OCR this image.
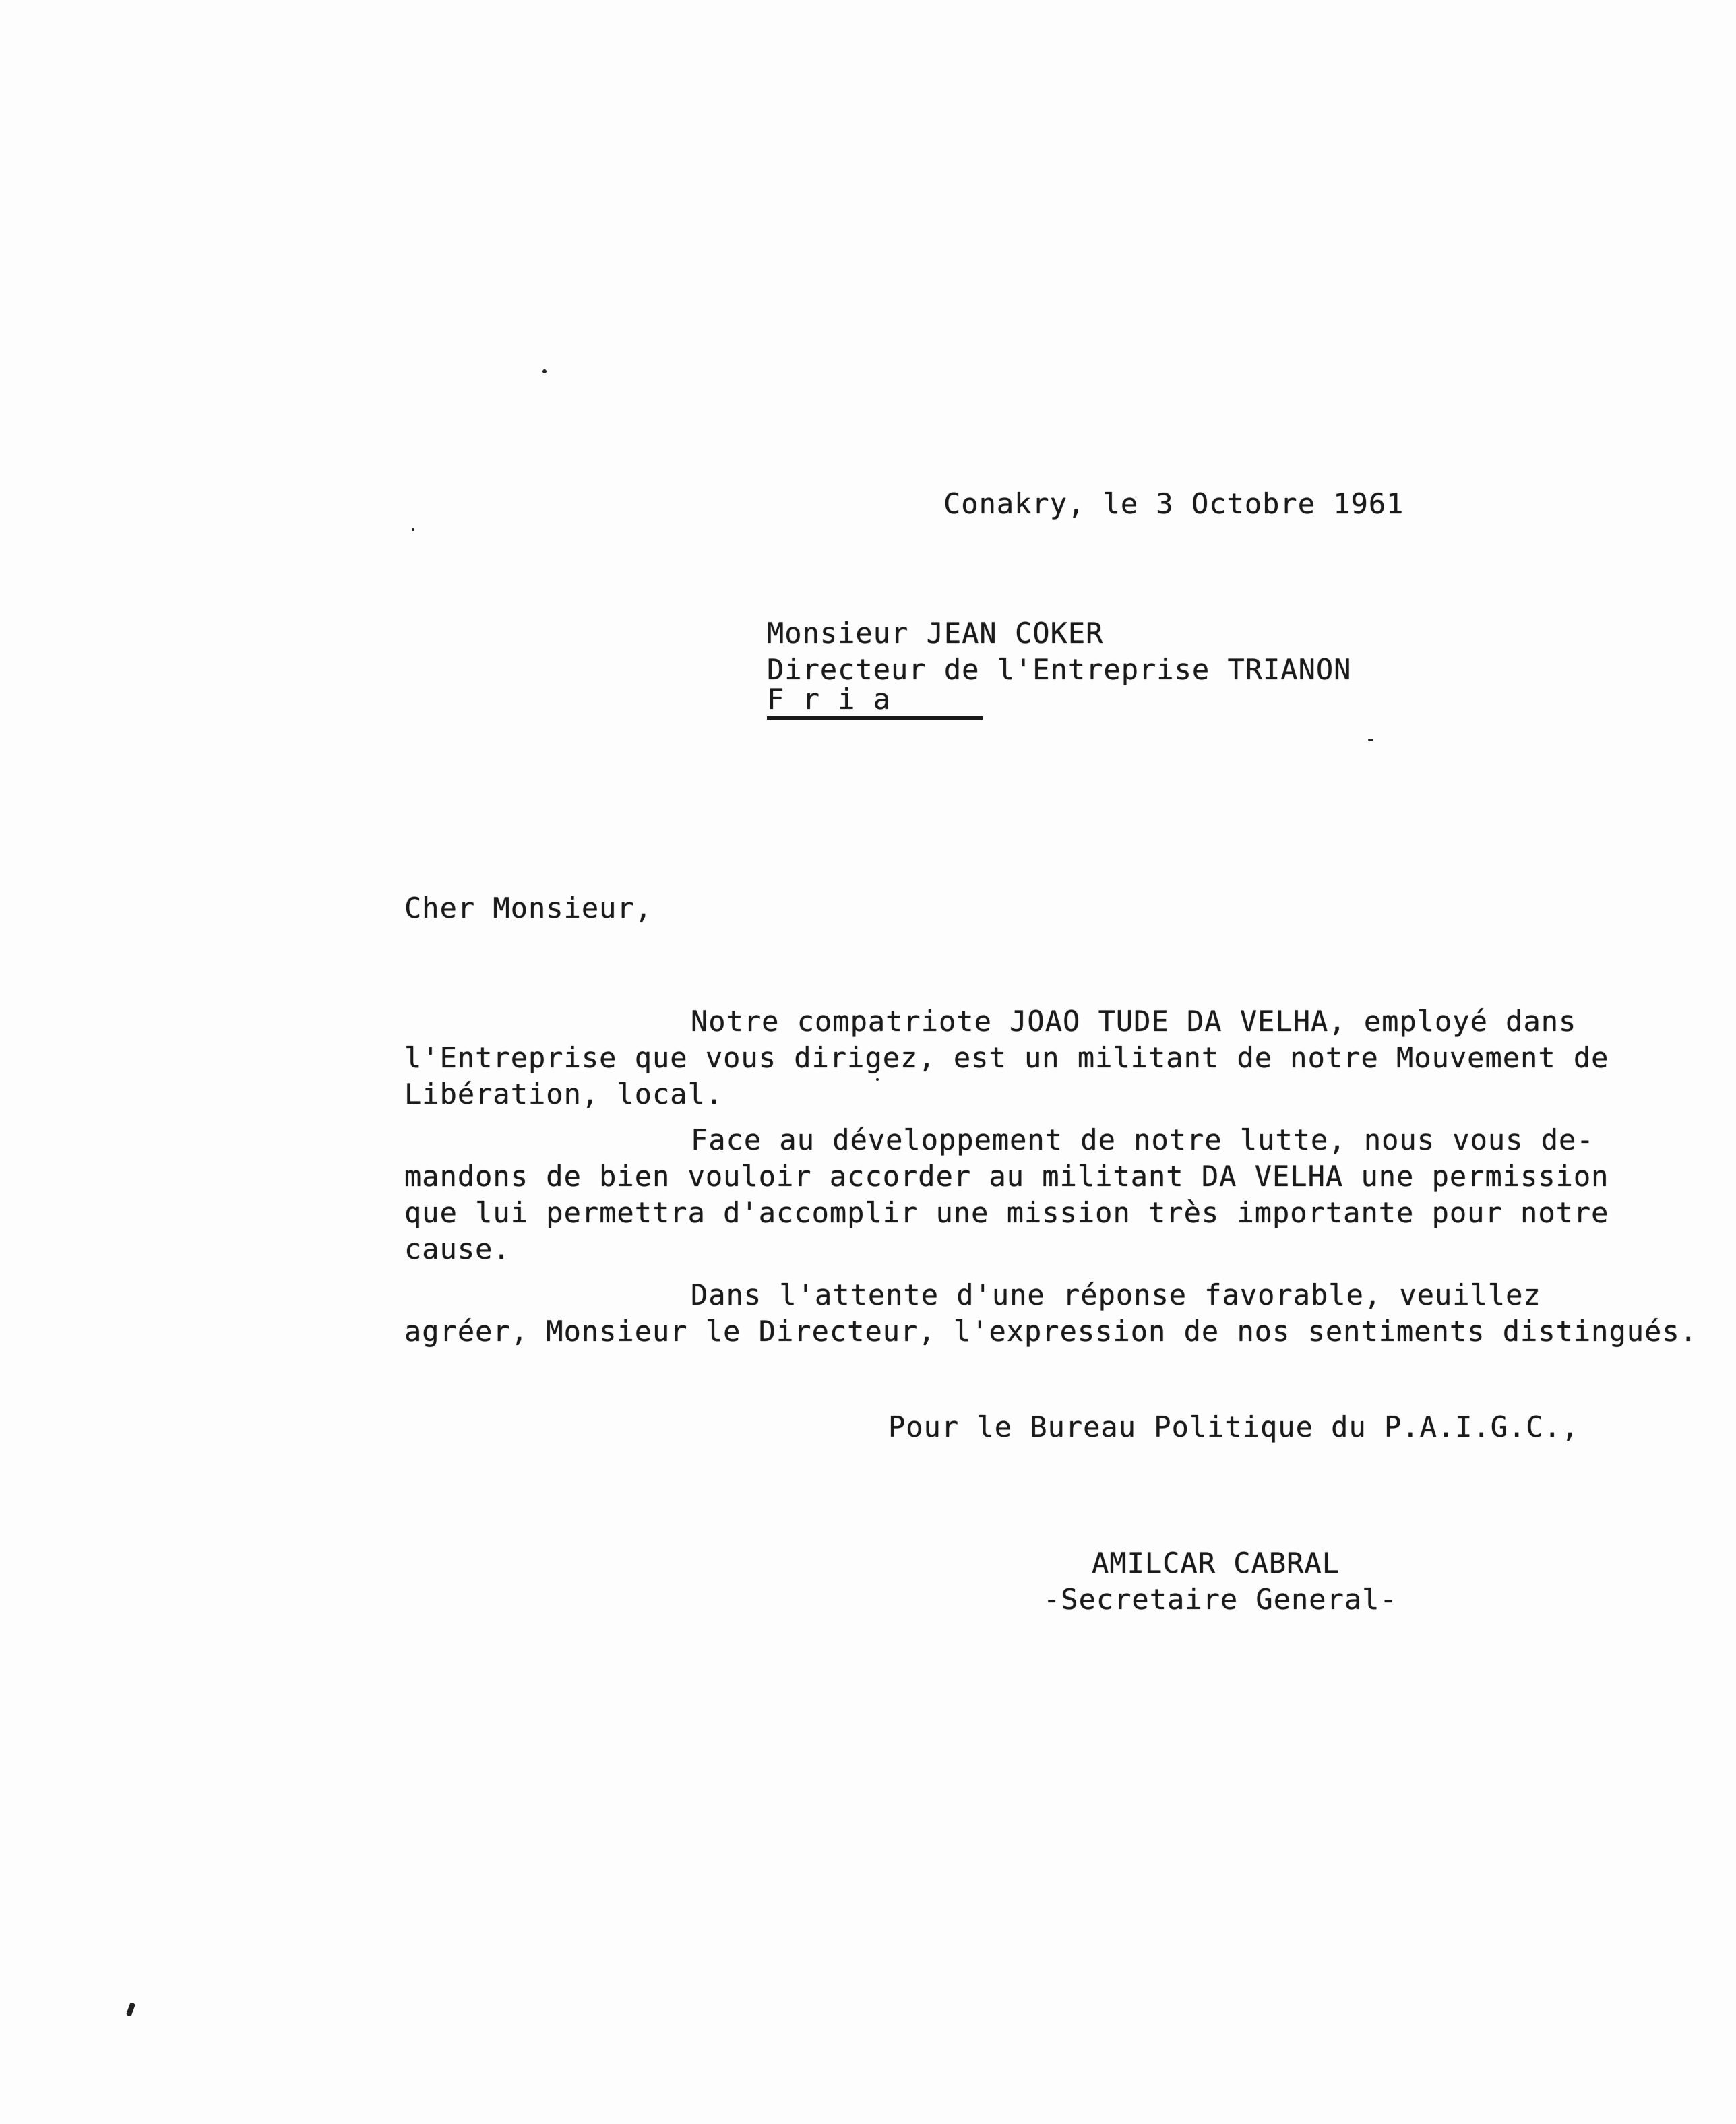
Conakry, le 3 Octobre 1961
Monsieur JEAN COKER
Directeur de l'Entreprise TRIANON
F r i a
Cher Monsieur,
Notre compatriote JOAO TUDE DA VELHA, employé dans
l'Entreprise que vous dirigez, est un militant de notre Mouvement de
Libération, local.
Face au développement de notre lutte, nous vous de-
mandons de bien vouloir accorder au militant DA VELHA une permission
que lui permettra d'accomplir une mission très importante pour notre
cause.
Dans l'attente d'une réponse favorable, veuillez
agréer, Monsieur le Directeur, l'expression de nos sentiments distingués.
Pour le Bureau Politique du P.A.I.G.C.,
AMILCAR CABRAL
-Secretaire General-
